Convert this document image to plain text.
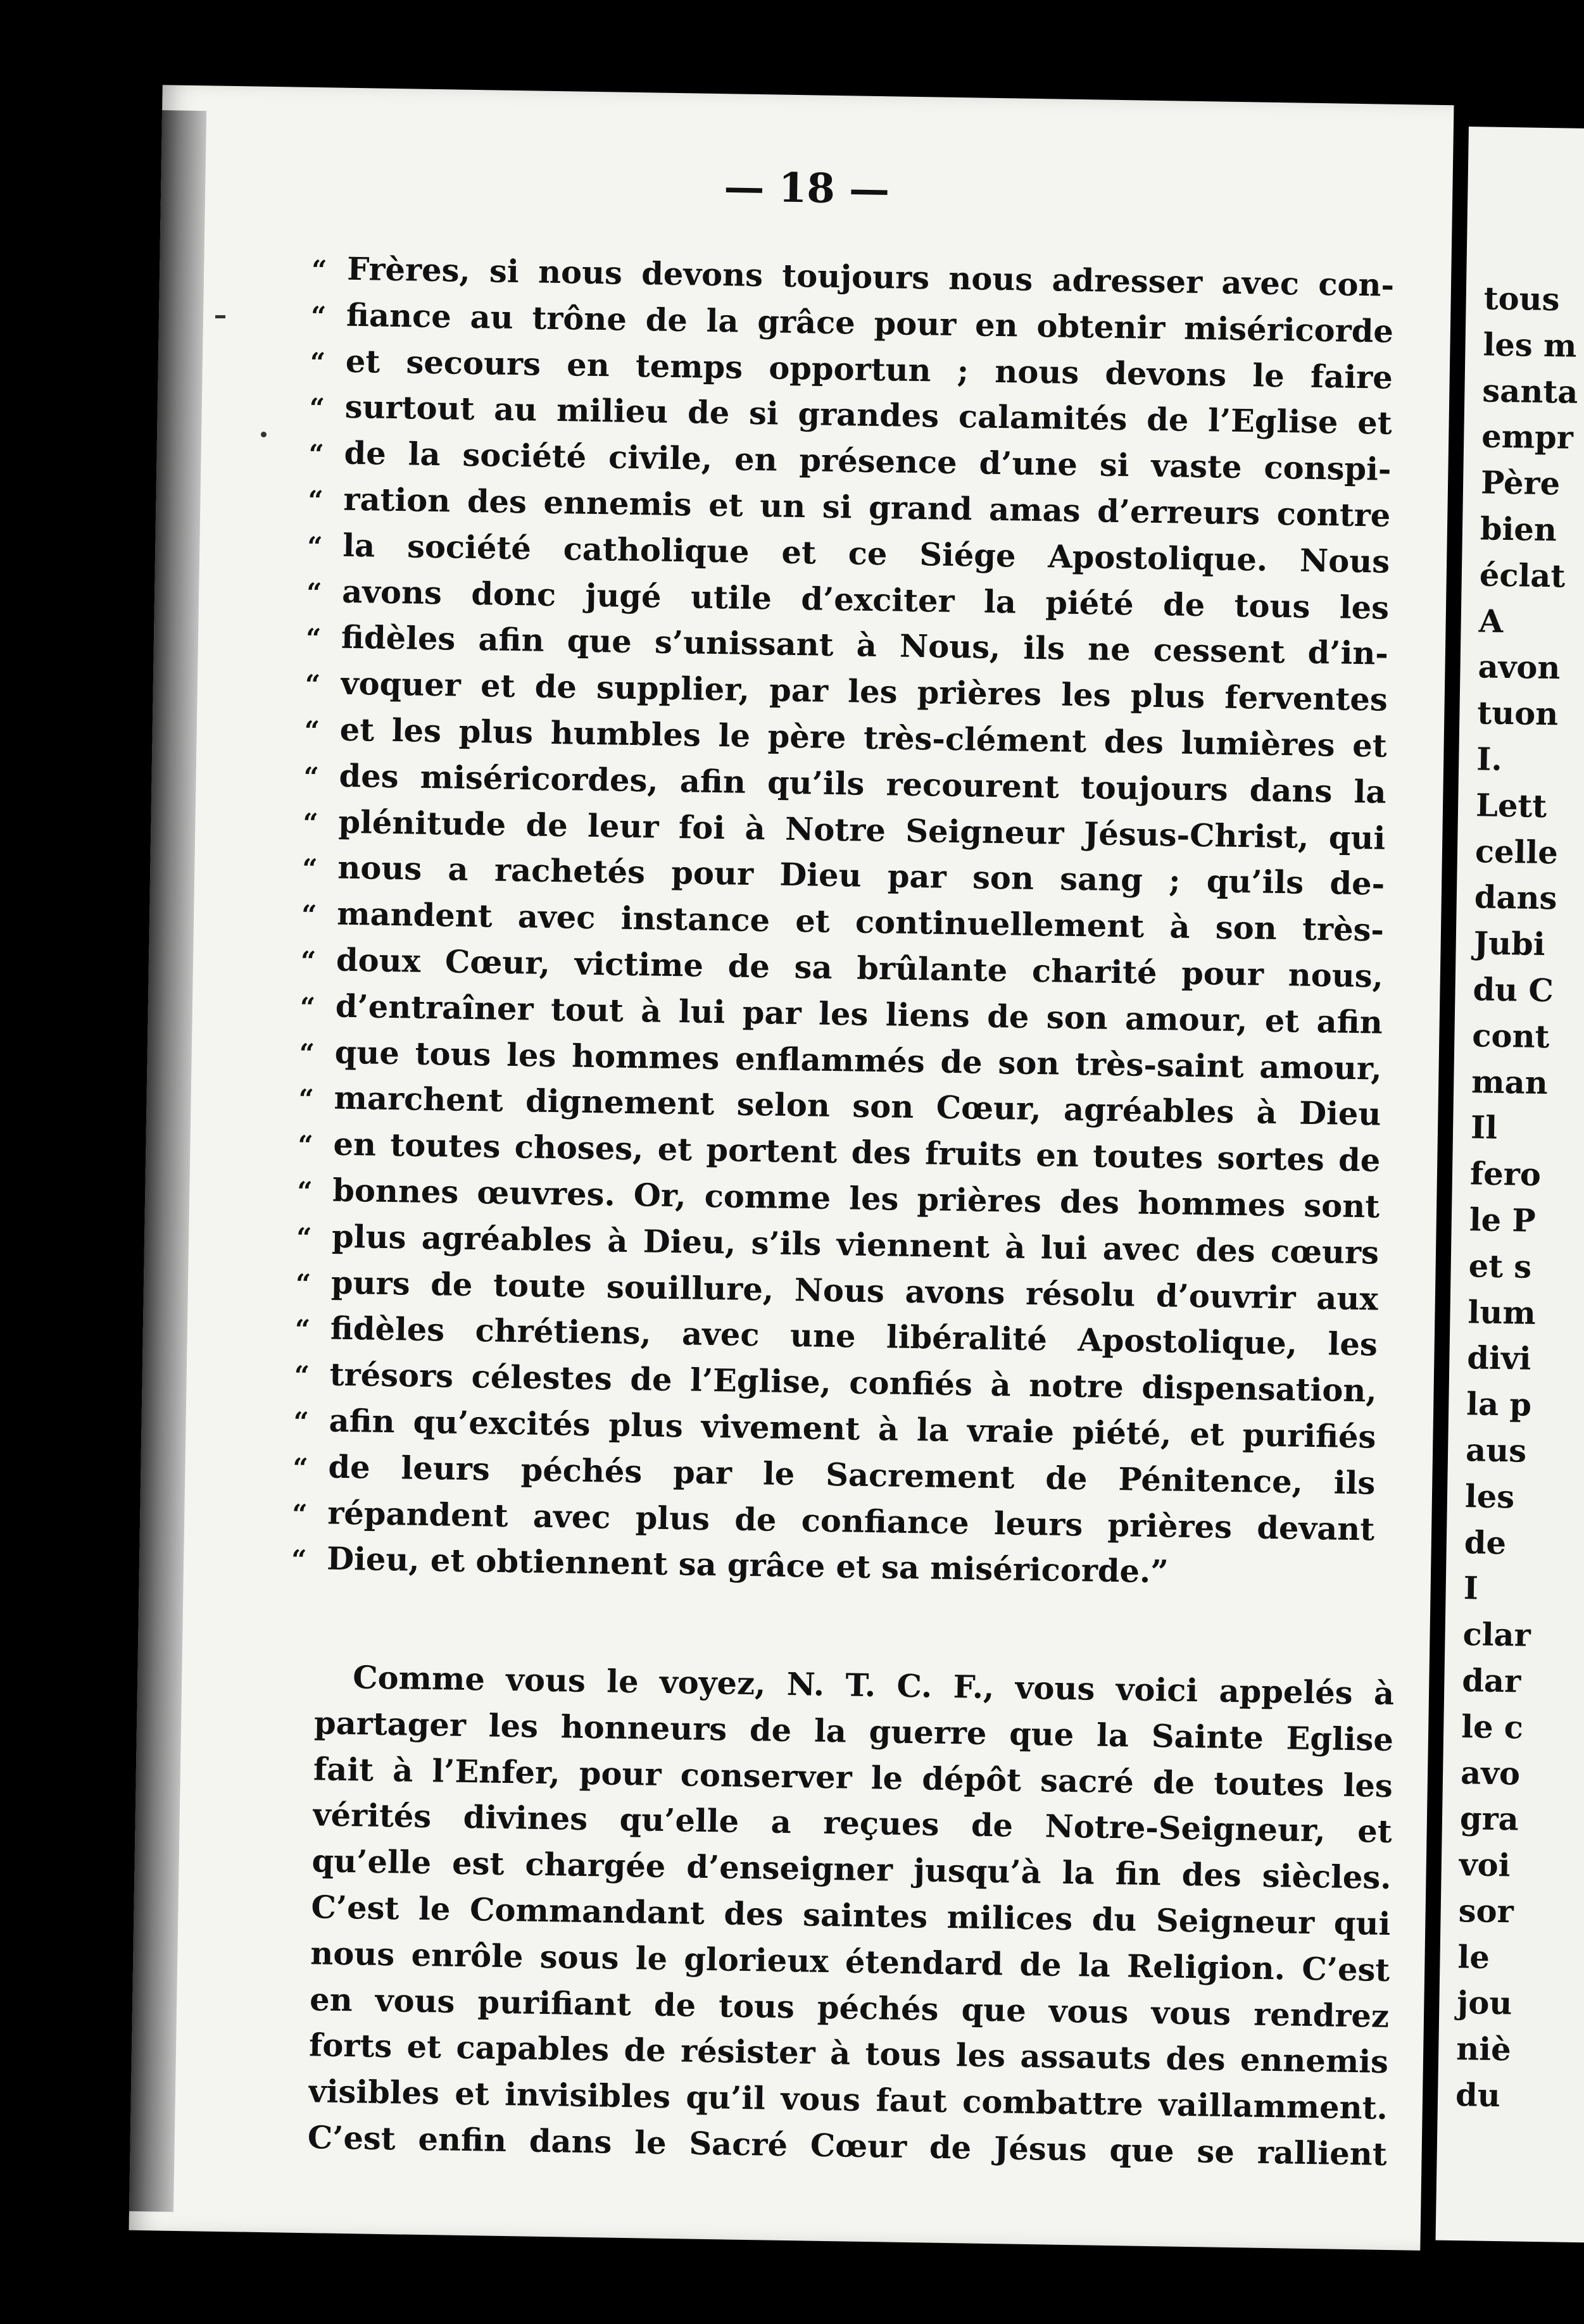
— 18 —
“ Frères, si nous devons toujours nous adresser avec con-
“ fiance au trône de la grâce pour en obtenir miséricorde
“ et secours en temps opportun ; nous devons le faire
“ surtout au milieu de si grandes calamités de l’Eglise et
“ de la société civile, en présence d’une si vaste conspi-
“ ration des ennemis et un si grand amas d’erreurs contre
“ la société catholique et ce Siége Apostolique. Nous
“ avons donc jugé utile d’exciter la piété de tous les
“ fidèles afin que s’unissant à Nous, ils ne cessent d’in-
“ voquer et de supplier, par les prières les plus ferventes
“ et les plus humbles le père très-clément des lumières et
“ des miséricordes, afin qu’ils recourent toujours dans la
“ plénitude de leur foi à Notre Seigneur Jésus-Christ, qui
“ nous a rachetés pour Dieu par son sang ; qu’ils de-
“ mandent avec instance et continuellement à son très-
“ doux Cœur, victime de sa brûlante charité pour nous,
“ d’entraîner tout à lui par les liens de son amour, et afin
“ que tous les hommes enflammés de son très-saint amour,
“ marchent dignement selon son Cœur, agréables à Dieu
“ en toutes choses, et portent des fruits en toutes sortes de
“ bonnes œuvres. Or, comme les prières des hommes sont
“ plus agréables à Dieu, s’ils viennent à lui avec des cœurs
“ purs de toute souillure, Nous avons résolu d’ouvrir aux
“ fidèles chrétiens, avec une libéralité Apostolique, les
“ trésors célestes de l’Eglise, confiés à notre dispensation,
“ afin qu’excités plus vivement à la vraie piété, et purifiés
“ de leurs péchés par le Sacrement de Pénitence, ils
“ répandent avec plus de confiance leurs prières devant
“ Dieu, et obtiennent sa grâce et sa miséricorde.”
Comme vous le voyez, N. T. C. F., vous voici appelés à
partager les honneurs de la guerre que la Sainte Eglise
fait à l’Enfer, pour conserver le dépôt sacré de toutes les
vérités divines qu’elle a reçues de Notre-Seigneur, et
qu’elle est chargée d’enseigner jusqu’à la fin des siècles.
C’est le Commandant des saintes milices du Seigneur qui
nous enrôle sous le glorieux étendard de la Religion. C’est
en vous purifiant de tous péchés que vous vous rendrez
forts et capables de résister à tous les assauts des ennemis
visibles et invisibles qu’il vous faut combattre vaillamment.
C’est enfin dans le Sacré Cœur de Jésus que se rallient
tous
les m
santa
empr
Père
bien
éclat
A
avon
tuon
I.
Lett
celle
dans
Jubi
du C
cont
man
Il
fero
le P
et s
lum
divi
la p
aus
les
de
I
clar
dar
le c
avo
gra
voi
sor
le
jou
niè
du
